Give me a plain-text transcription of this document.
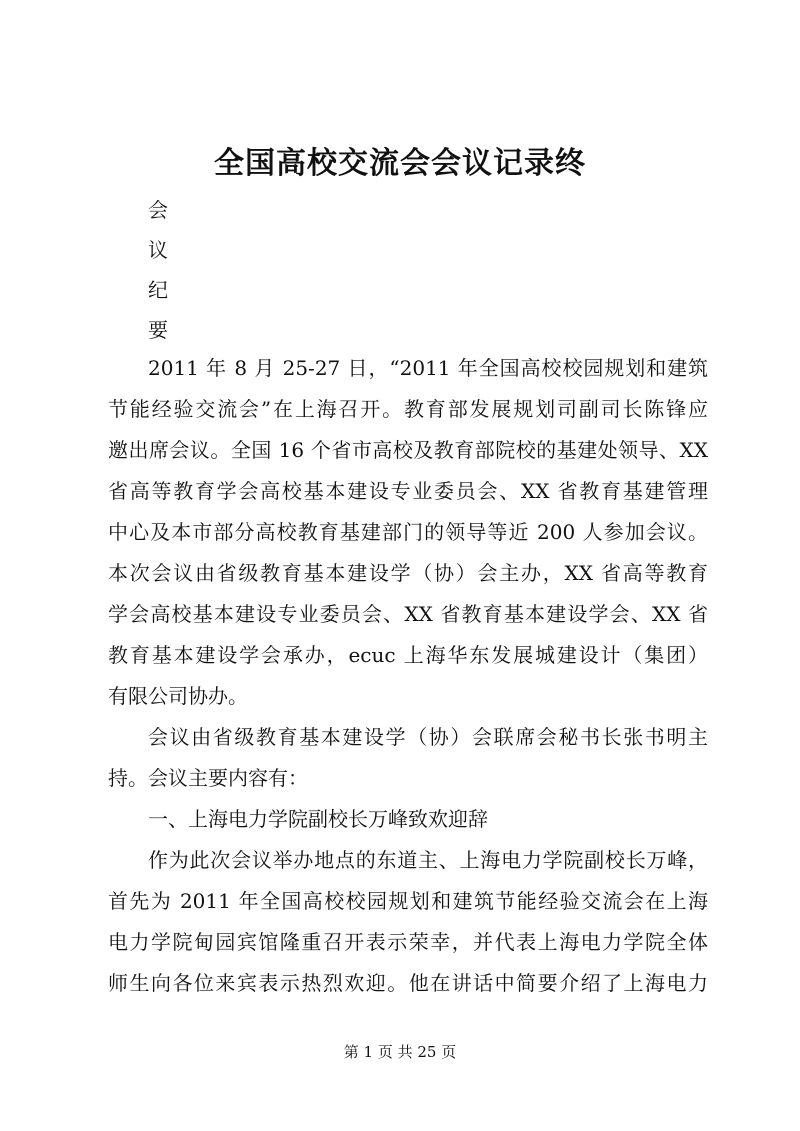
全国高校交流会会议记录终
会
议
纪
要
2011 年 8 月 25-27 日，“2011 年全国高校校园规划和建筑
节能经验交流会”在上海召开。教育部发展规划司副司长陈锋应
邀出席会议。全国 16 个省市高校及教育部院校的基建处领导、XX
省高等教育学会高校基本建设专业委员会、XX 省教育基建管理
中心及本市部分高校教育基建部门的领导等近 200 人参加会议。
本次会议由省级教育基本建设学（协）会主办，XX 省高等教育
学会高校基本建设专业委员会、XX 省教育基本建设学会、XX 省
教育基本建设学会承办，ecuc 上海华东发展城建设计（集团）
有限公司协办。
会议由省级教育基本建设学（协）会联席会秘书长张书明主
持。会议主要内容有：
一、上海电力学院副校长万峰致欢迎辞
作为此次会议举办地点的东道主、上海电力学院副校长万峰，
首先为 2011 年全国高校校园规划和建筑节能经验交流会在上海
电力学院甸园宾馆隆重召开表示荣幸，并代表上海电力学院全体
师生向各位来宾表示热烈欢迎。他在讲话中简要介绍了上海电力
第 1 页 共 25 页
